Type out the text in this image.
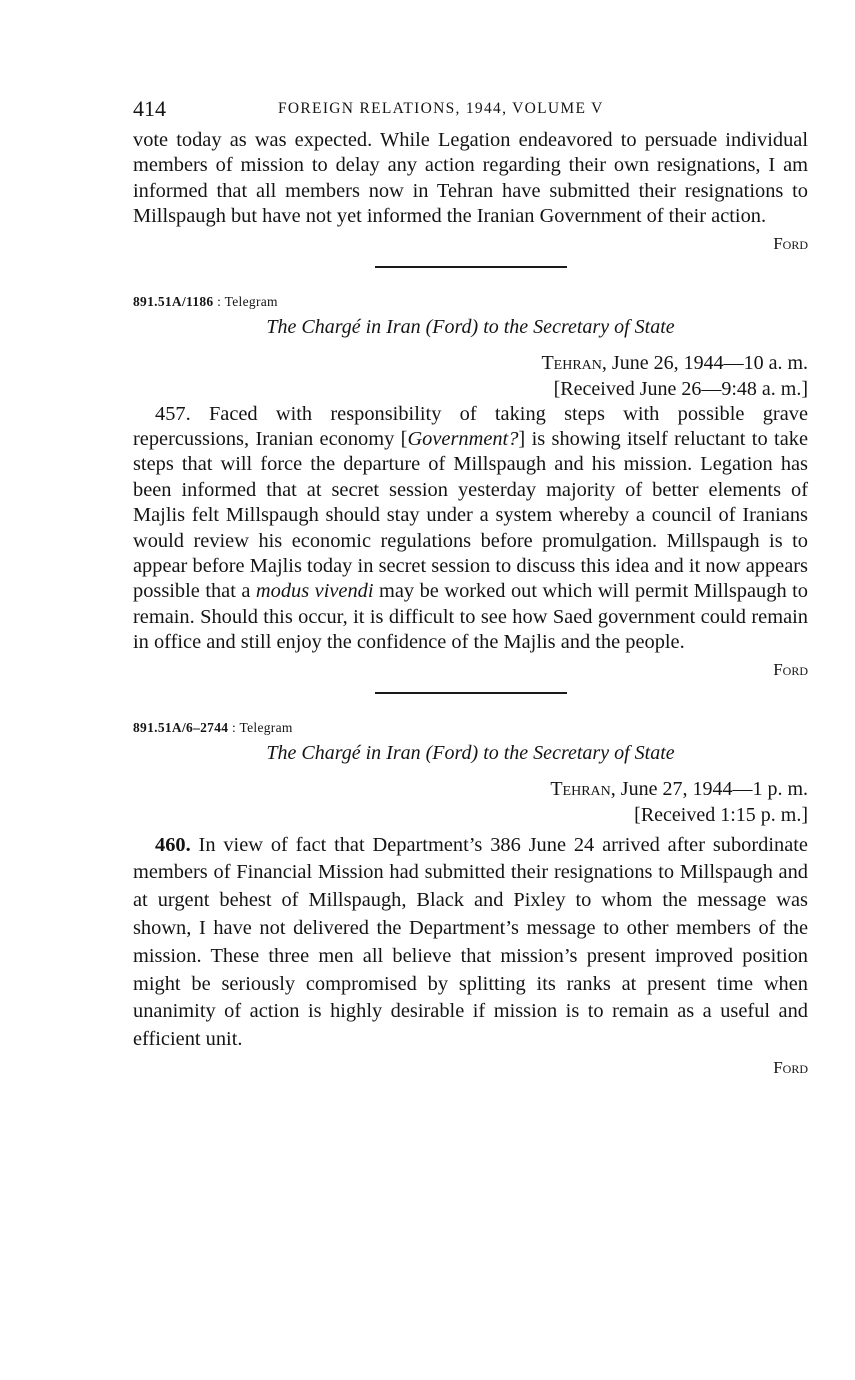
414	FOREIGN RELATIONS, 1944, VOLUME V

vote today as was expected. While Legation endeavored to persuade individual members of mission to delay any action regarding their own resignations, I am informed that all members now in Tehran have submitted their resignations to Millspaugh but have not yet informed the Iranian Government of their action.

Ford
891.51A/1186 : Telegram
The Chargé in Iran (Ford) to the Secretary of State
Tehran, June 26, 1944—10 a. m.
[Received June 26—9:48 a. m.]

457. Faced with responsibility of taking steps with possible grave repercussions, Iranian economy [Government?] is showing itself reluctant to take steps that will force the departure of Millspaugh and his mission. Legation has been informed that at secret session yesterday majority of better elements of Majlis felt Millspaugh should stay under a system whereby a council of Iranians would review his economic regulations before promulgation. Millspaugh is to appear before Majlis today in secret session to discuss this idea and it now appears possible that a modus vivendi may be worked out which will permit Millspaugh to remain. Should this occur, it is difficult to see how Saed government could remain in office and still enjoy the confidence of the Majlis and the people.

Ford
891.51A/6–2744 : Telegram
The Chargé in Iran (Ford) to the Secretary of State
Tehran, June 27, 1944—1 p. m.
[Received 1:15 p. m.]

460. In view of fact that Department’s 386 June 24 arrived after subordinate members of Financial Mission had submitted their resignations to Millspaugh and at urgent behest of Millspaugh, Black and Pixley to whom the message was shown, I have not delivered the Department’s message to other members of the mission. These three men all believe that mission’s present improved position might be seriously compromised by splitting its ranks at present time when unanimity of action is highly desirable if mission is to remain as a useful and efficient unit.

Ford
